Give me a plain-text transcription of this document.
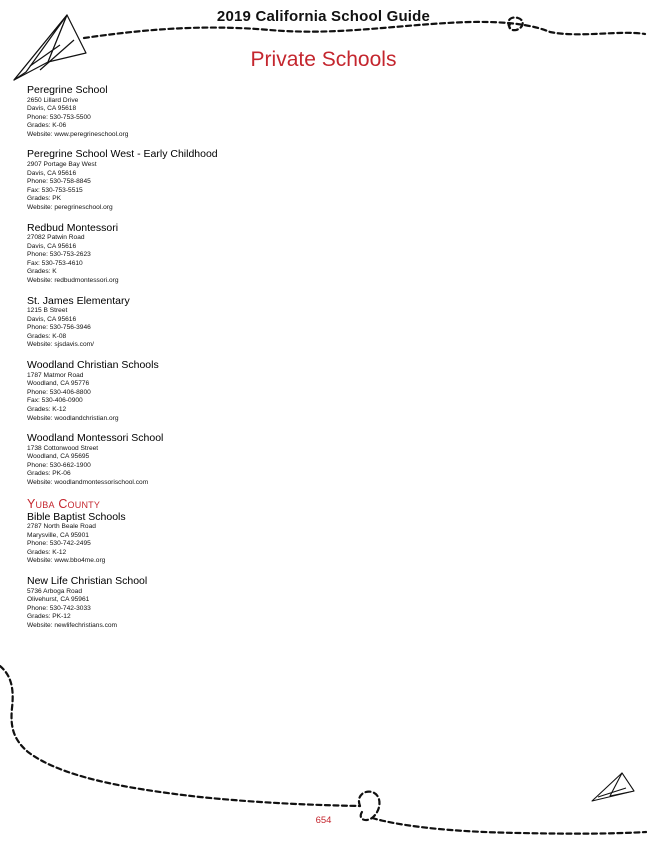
2019 California School Guide
Private Schools
Peregrine School
2650 Lillard Drive
Davis, CA 95618
Phone: 530-753-5500
Grades: K-06
Website: www.peregrineschool.org
Peregrine School West - Early Childhood
2907 Portage Bay West
Davis, CA 95616
Phone: 530-758-8845
Fax: 530-753-5515
Grades: PK
Website: peregrineschool.org
Redbud Montessori
27082 Patwin Road
Davis, CA 95616
Phone: 530-753-2623
Fax: 530-753-4610
Grades: K
Website: redbudmontessori.org
St. James Elementary
1215 B Street
Davis, CA 95616
Phone: 530-756-3946
Grades: K-08
Website: sjsdavis.com/
Woodland Christian Schools
1787 Matmor Road
Woodland, CA 95776
Phone: 530-406-8800
Fax: 530-406-0900
Grades: K-12
Website: woodlandchristian.org
Woodland Montessori School
1738 Cottonwood Street
Woodland, CA 95695
Phone: 530-662-1900
Grades: PK-06
Website: woodlandmontessorischool.com
Yuba County
Bible Baptist Schools
2787 North Beale Road
Marysville, CA 95901
Phone: 530-742-2495
Grades: K-12
Website: www.bbo4me.org
New Life Christian School
5736 Arboga Road
Olivehurst, CA 95961
Phone: 530-742-3033
Grades: PK-12
Website: newlifechristians.com
654
